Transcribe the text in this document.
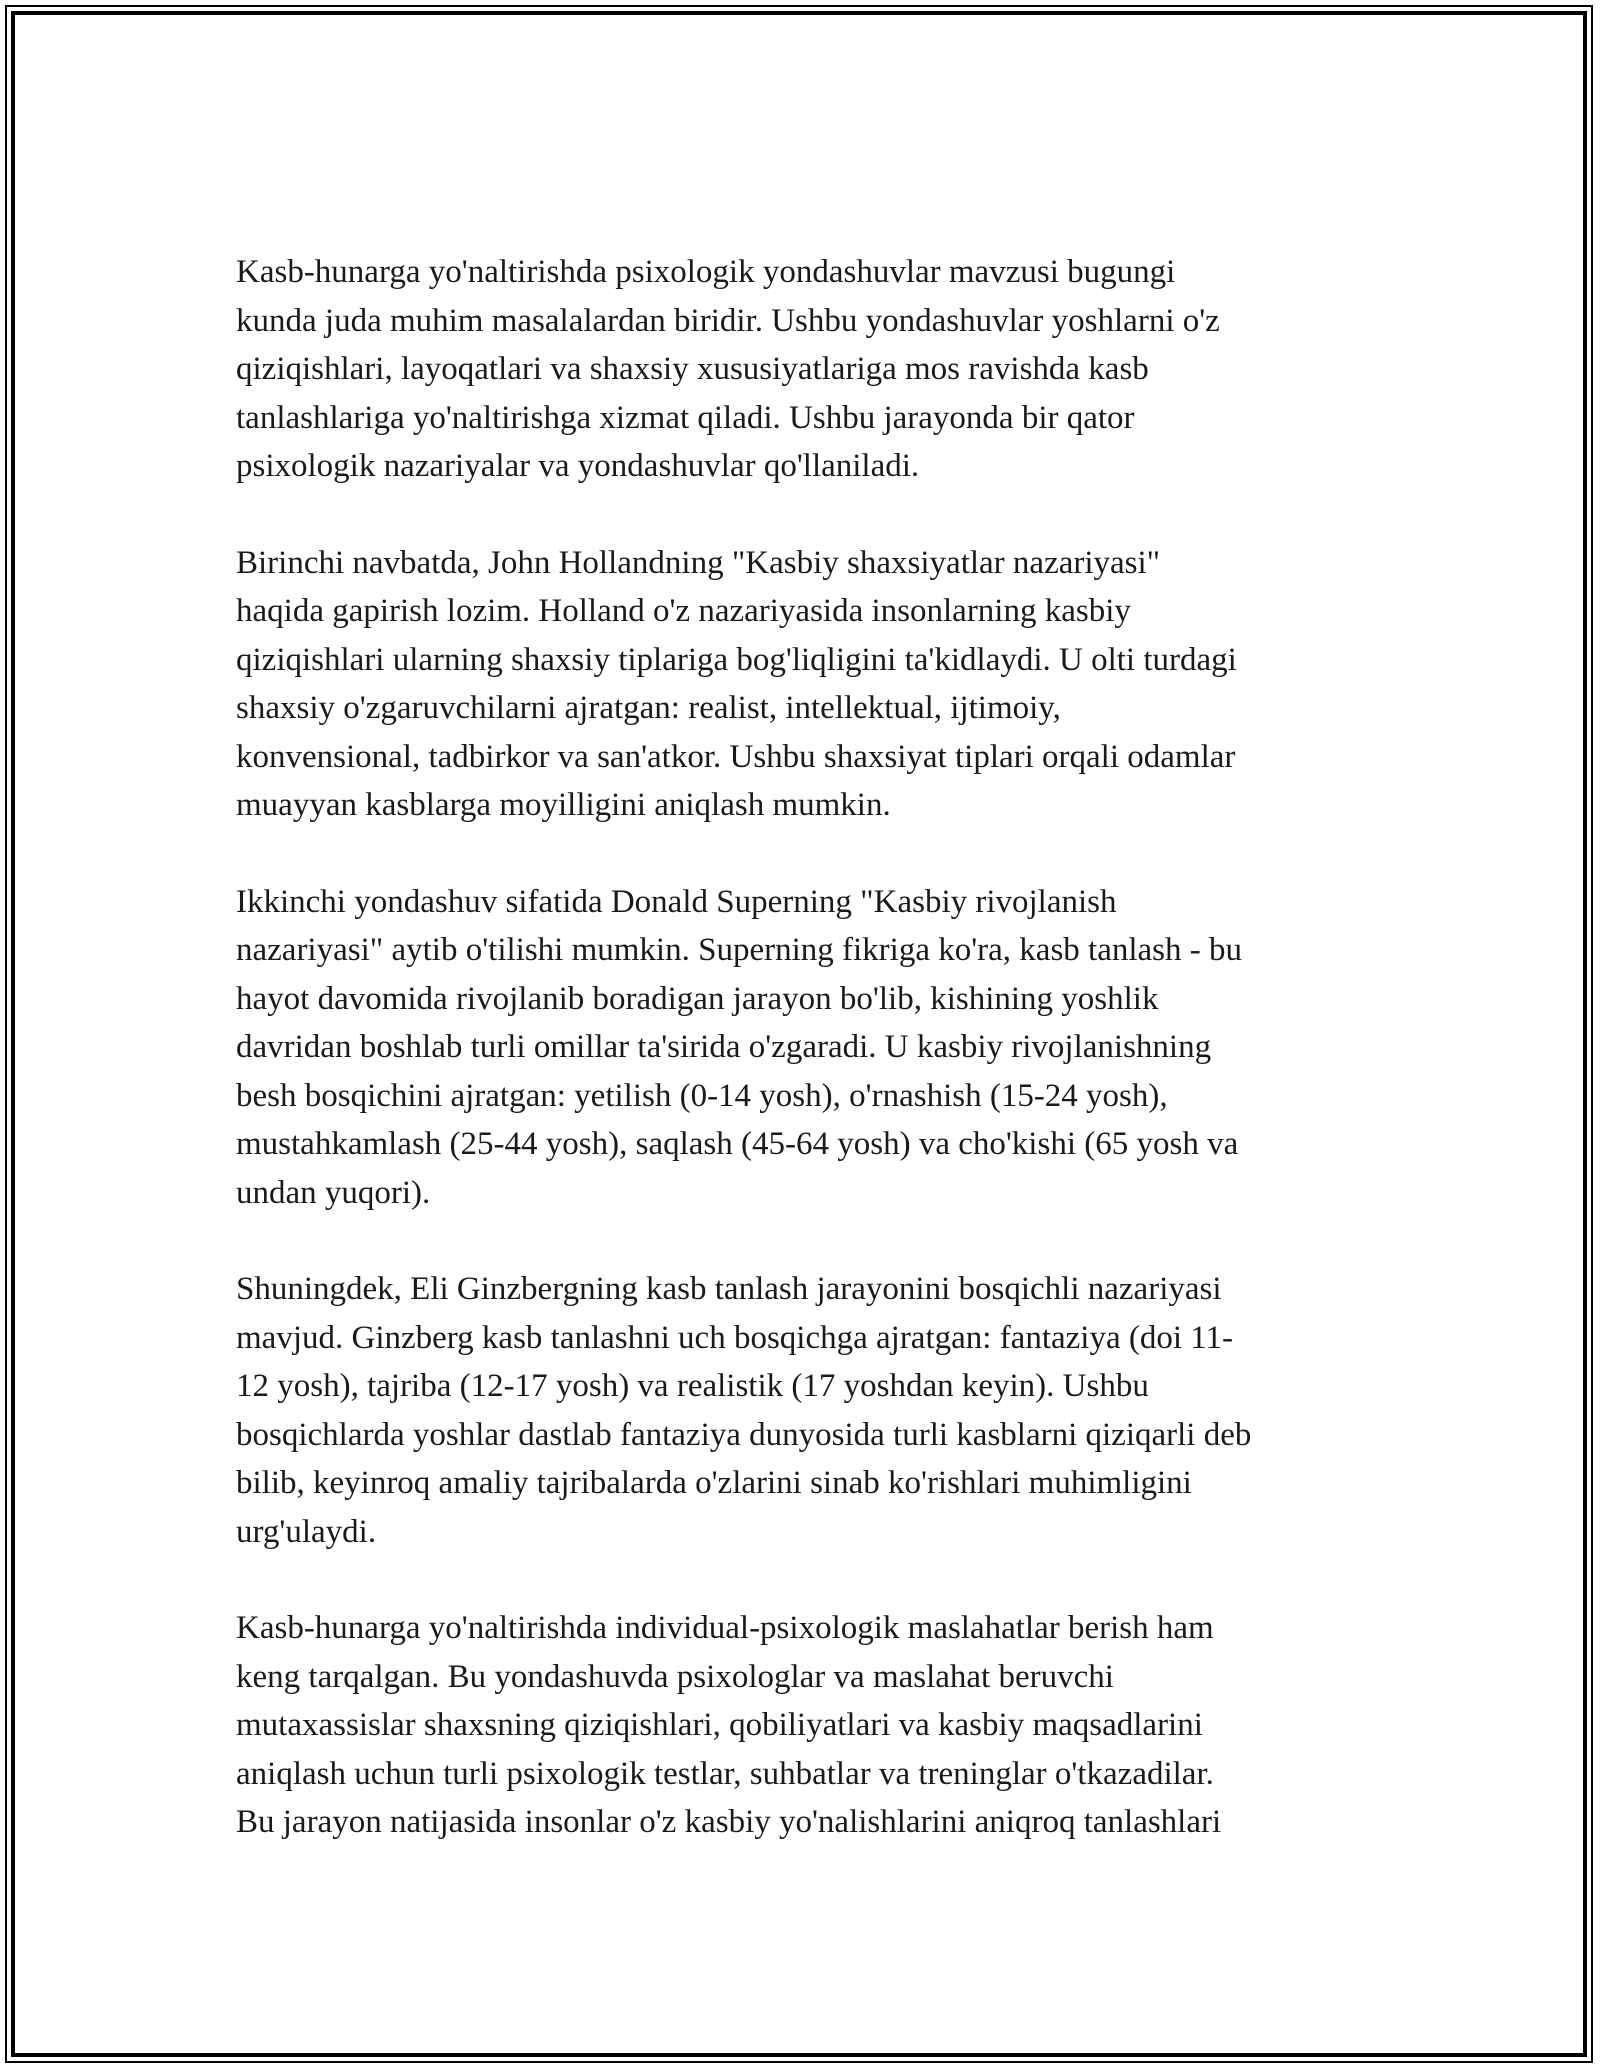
Kasb-hunarga yo'naltirishda psixologik yondashuvlar mavzusi bugungi
kunda juda muhim masalalardan biridir. Ushbu yondashuvlar yoshlarni o'z
qiziqishlari, layoqatlari va shaxsiy xususiyatlariga mos ravishda kasb
tanlashlariga yo'naltirishga xizmat qiladi. Ushbu jarayonda bir qator
psixologik nazariyalar va yondashuvlar qo'llaniladi.

Birinchi navbatda, John Hollandning "Kasbiy shaxsiyatlar nazariyasi"
haqida gapirish lozim. Holland o'z nazariyasida insonlarning kasbiy
qiziqishlari ularning shaxsiy tiplariga bog'liqligini ta'kidlaydi. U olti turdagi
shaxsiy o'zgaruvchilarni ajratgan: realist, intellektual, ijtimoiy,
konvensional, tadbirkor va san'atkor. Ushbu shaxsiyat tiplari orqali odamlar
muayyan kasblarga moyilligini aniqlash mumkin.

Ikkinchi yondashuv sifatida Donald Superning "Kasbiy rivojlanish
nazariyasi" aytib o'tilishi mumkin. Superning fikriga ko'ra, kasb tanlash - bu
hayot davomida rivojlanib boradigan jarayon bo'lib, kishining yoshlik
davridan boshlab turli omillar ta'sirida o'zgaradi. U kasbiy rivojlanishning
besh bosqichini ajratgan: yetilish (0-14 yosh), o'rnashish (15-24 yosh),
mustahkamlash (25-44 yosh), saqlash (45-64 yosh) va cho'kishi (65 yosh va
undan yuqori).

Shuningdek, Eli Ginzbergning kasb tanlash jarayonini bosqichli nazariyasi
mavjud. Ginzberg kasb tanlashni uch bosqichga ajratgan: fantaziya (doi 11-
12 yosh), tajriba (12-17 yosh) va realistik (17 yoshdan keyin). Ushbu
bosqichlarda yoshlar dastlab fantaziya dunyosida turli kasblarni qiziqarli deb
bilib, keyinroq amaliy tajribalarda o'zlarini sinab ko'rishlari muhimligini
urg'ulaydi.

Kasb-hunarga yo'naltirishda individual-psixologik maslahatlar berish ham
keng tarqalgan. Bu yondashuvda psixologlar va maslahat beruvchi
mutaxassislar shaxsning qiziqishlari, qobiliyatlari va kasbiy maqsadlarini
aniqlash uchun turli psixologik testlar, suhbatlar va treninglar o'tkazadilar.
Bu jarayon natijasida insonlar o'z kasbiy yo'nalishlarini aniqroq tanlashlari
